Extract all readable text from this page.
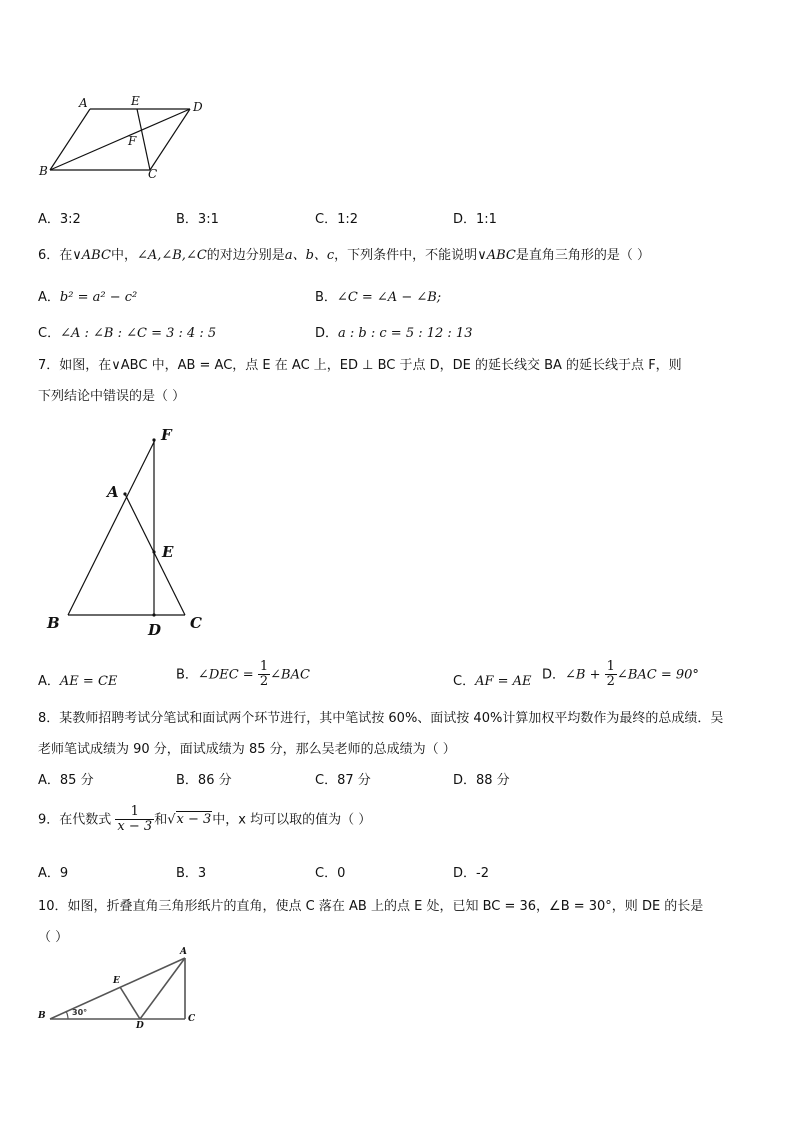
A	E	D
F
B	C
A．3:2	B．3:1	C．1:2	D．1:1
6．在∨ABC中，∠A,∠B,∠C的对边分别是a、b、c，下列条件中，不能说明∨ABC是直角三角形的是（ ）
A．b² = a² − c²	B．∠C = ∠A − ∠B;
C．∠A : ∠B : ∠C = 3 : 4 : 5	D．a : b : c = 5 : 12 : 13
7．如图，在∨ABC 中，AB = AC，点 E 在 AC 上，ED ⊥ BC 于点 D，DE 的延长线交 BA 的延长线于点 F，则
下列结论中错误的是（ ）
F
A
E
B	D C
A．AE = CE	B．∠DEC = $\frac{1}{2}$ ∠BAC	C．AF = AE D．∠B + $\frac{1}{2}$ ∠BAC = 90°
8．某教师招聘考试分笔试和面试两个环节进行，其中笔试按 60%、面试按 40%计算加权平均数作为最终的总成绩．吴
老师笔试成绩为 90 分，面试成绩为 85 分，那么吴老师的总成绩为（ ）
A．85 分	B．86 分	C．87 分	D．88 分
9．在代数式 $\frac{1}{x - 3}$ 和√x − 3中，x 均可以取的值为（ ）
A．9	B．3	C．0	D．-2
10．如图，折叠直角三角形纸片的直角，使点 C 落在 AB 上的点 E 处，已知 BC = 36，∠B = 30°，则 DE 的长是
（ ）
A
E
B	30°
D
C
